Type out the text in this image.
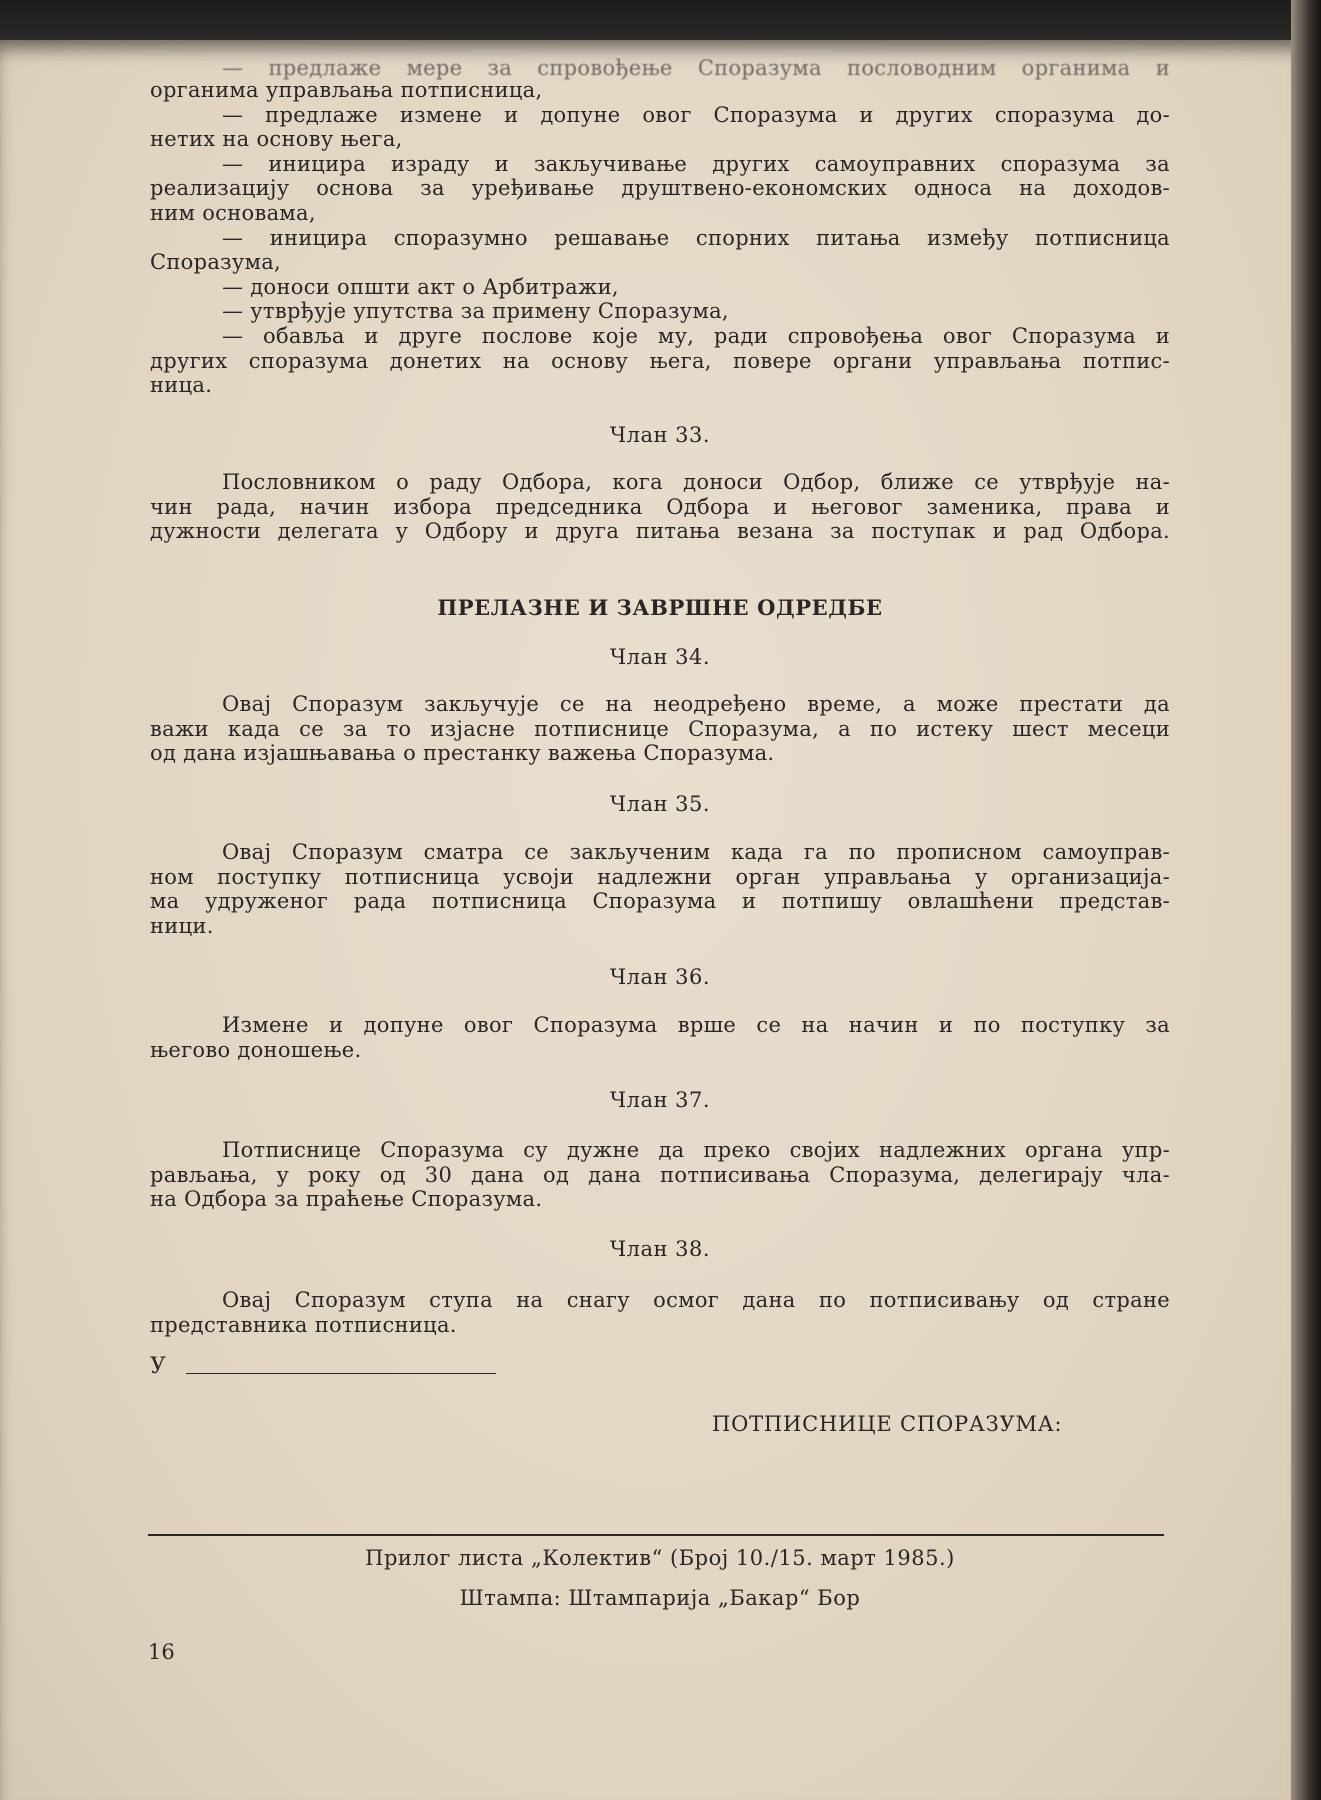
— предлаже мере за спровођење Споразума пословодним органима и
органима управљања потписница,
— предлаже измене и допуне овог Споразума и других споразума до-
нетих на основу њега,
— иницира израду и закључивање других самоуправних споразума за
реализацију основа за уређивање друштвено-економских односа на доходов-
ним основама,
— иницира споразумно решавање спорних питања између потписница
Споразума,
— доноси општи акт о Арбитражи,
— утврђује упутства за примену Споразума,
— обавља и друге послове које му, ради спровођења овог Споразума и
других споразума донетих на основу њега, повере органи управљања потпис-
ница.
Члан 33.
Пословником о раду Одбора, кога доноси Одбор, ближе се утврђује на-
чин рада, начин избора председника Одбора и његовог заменика, права и
дужности делегата у Одбору и друга питања везана за поступак и рад Одбора.
ПРЕЛАЗНЕ И ЗАВРШНЕ ОДРЕДБЕ
Члан 34.
Овај Споразум закључује се на неодређено време, а може престати да
важи када се за то изјасне потписнице Споразума, а по истеку шест месеци
од дана изјашњавања о престанку важења Споразума.
Члан 35.
Овај Споразум сматра се закљученим када га по прописном самоуправ-
ном поступку потписница усвоји надлежни орган управљања у организација-
ма удруженог рада потписница Споразума и потпишу овлашћени представ-
ници.
Члан 36.
Измене и допуне овог Споразума врше се на начин и по поступку за
његово доношење.
Члан 37.
Потписнице Споразума су дужне да преко својих надлежних органа упр-
рављања, у року од 30 дана од дана потписивања Споразума, делегирају чла-
на Одбора за праћење Споразума.
Члан 38.
Овај Споразум ступа на снагу осмог дана по потписивању од стране
представника потписница.
У
ПОТПИСНИЦЕ СПОРАЗУМА:
Прилог листа „Колектив“ (Број 10./15. март 1985.)
Штампа: Штампарија „Бакар“ Бор
16
